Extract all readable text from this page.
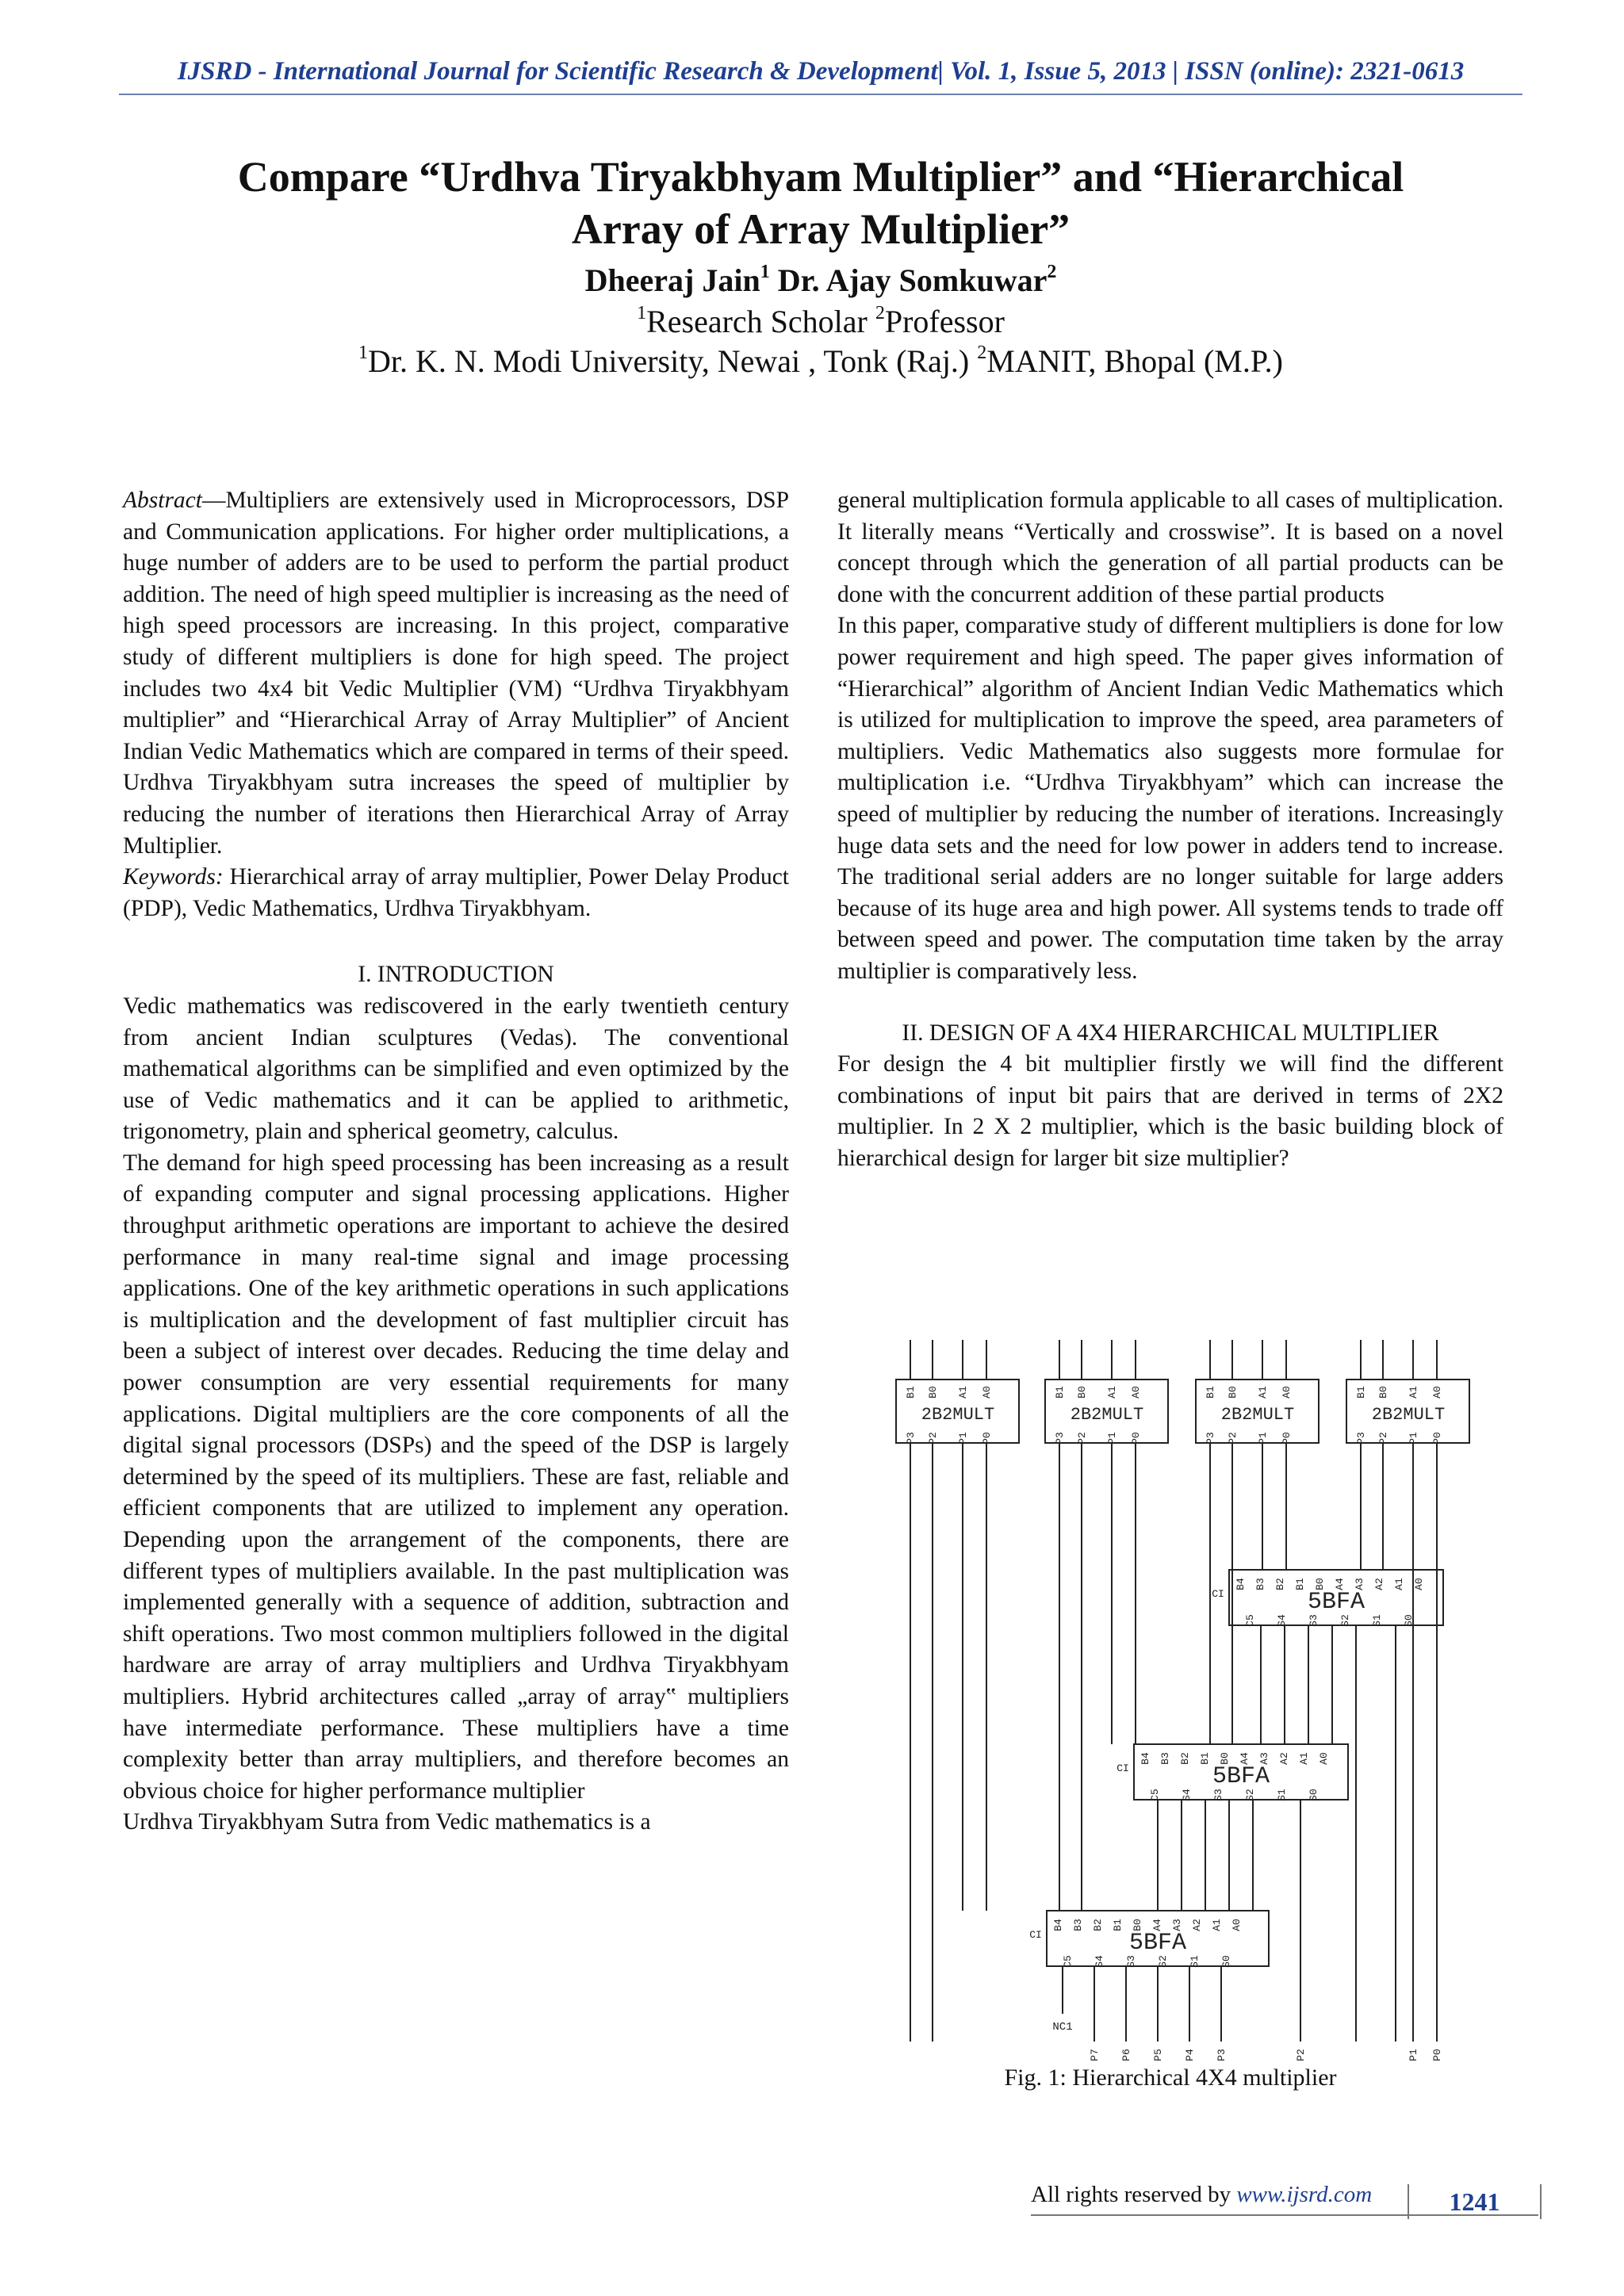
IJSRD - International Journal for Scientific Research & Development| Vol. 1, Issue 5, 2013 | ISSN (online): 2321-0613
Compare “Urdhva Tiryakbhyam Multiplier” and “Hierarchical
Array of Array Multiplier”
Dheeraj Jain$^1$ Dr. Ajay Somkuwar$^2$
$^1$Research Scholar $^2$Professor
$^1$Dr. K. N. Modi University, Newai , Tonk (Raj.) $^2$MANIT, Bhopal (M.P.)

Abstract—Multipliers are extensively used in Microprocessors, DSP and Communication applications. For higher order multiplications, a huge number of adders are to be used to perform the partial product addition. The need of high speed multiplier is increasing as the need of high speed processors are increasing. In this project, comparative study of different multipliers is done for high speed. The project includes two 4x4 bit Vedic Multiplier (VM) “Urdhva Tiryakbhyam multiplier” and “Hierarchical Array of Array Multiplier” of Ancient Indian Vedic Mathematics which are compared in terms of their speed. Urdhva Tiryakbhyam sutra increases the speed of multiplier by reducing the number of iterations then Hierarchical Array of Array Multiplier.

Keywords: Hierarchical array of array multiplier, Power Delay Product (PDP), Vedic Mathematics, Urdhva Tiryakbhyam.

I. INTRODUCTION

Vedic mathematics was rediscovered in the early twentieth century from ancient Indian sculptures (Vedas). The conventional mathematical algorithms can be simplified and even optimized by the use of Vedic mathematics and it can be applied to arithmetic, trigonometry, plain and spherical geometry, calculus.

The demand for high speed processing has been increasing as a result of expanding computer and signal processing applications. Higher throughput arithmetic operations are important to achieve the desired performance in many real-time signal and image processing applications. One of the key arithmetic operations in such applications is multiplication and the development of fast multiplier circuit has been a subject of interest over decades. Reducing the time delay and power consumption are very essential requirements for many applications. Digital multipliers are the core components of all the digital signal processors (DSPs) and the speed of the DSP is largely determined by the speed of its multipliers. These are fast, reliable and efficient components that are utilized to implement any operation. Depending upon the arrangement of the components, there are different types of multipliers available. In the past multiplication was implemented generally with a sequence of addition, subtraction and shift operations. Two most common multipliers followed in the digital hardware are array of array multipliers and Urdhva Tiryakbhyam multipliers. Hybrid architectures called „array of array‟ multipliers have intermediate performance. These multipliers have a time complexity better than array multipliers, and therefore becomes an obvious choice for higher performance multiplier

Urdhva Tiryakbhyam Sutra from Vedic mathematics is a

general multiplication formula applicable to all cases of multiplication. It literally means “Vertically and crosswise”. It is based on a novel concept through which the generation of all partial products can be done with the concurrent addition of these partial products

In this paper, comparative study of different multipliers is done for low power requirement and high speed. The paper gives information of “Hierarchical” algorithm of Ancient Indian Vedic Mathematics which is utilized for multiplication to improve the speed, area parameters of multipliers. Vedic Mathematics also suggests more formulae for multiplication i.e. “Urdhva Tiryakbhyam” which can increase the speed of multiplier by reducing the number of iterations. Increasingly huge data sets and the need for low power in adders tend to increase. The traditional serial adders are no longer suitable for large adders because of its huge area and high power. All systems tends to trade off between speed and power. The computation time taken by the array multiplier is comparatively less.

II. DESIGN OF A 4X4 HIERARCHICAL MULTIPLIER

For design the 4 bit multiplier firstly we will find the different combinations of input bit pairs that are derived in terms of 2X2 multiplier. In 2 X 2 multiplier, which is the basic building block of hierarchical design for larger bit size multiplier?

2B2MULT	2B2MULT	2B2MULT	2B2MULT
5BFA
5BFA
5BFA
NC1
B1 B0 A1 A0
P3 P2 P1 P0
B1 B0 A1 A0
P3 P2 P1 P0
B1 B0 A1 A0
P3 P2 P1 P0
B1 B0 A1 A0
P3 P2 P1 P0
B4 B3 B2 B1 B0 A4 A3 A2 A1 A0
C5 S4 S3 S2 S1 S0
CI
B4 B3 B2 B1 B0 A4 A3 A2 A1 A0
C5 S4 S3 S2 S1 S0
CI
B4 B3 B2 B1 B0 A4 A3 A2 A1 A0
C5 S4 S3 S2 S1 S0
CI
P7 P6 P5 P4 P3	P2	P1 P0
Fig. 1: Hierarchical 4X4 multiplier
All rights reserved by www.ijsrd.com	1241
